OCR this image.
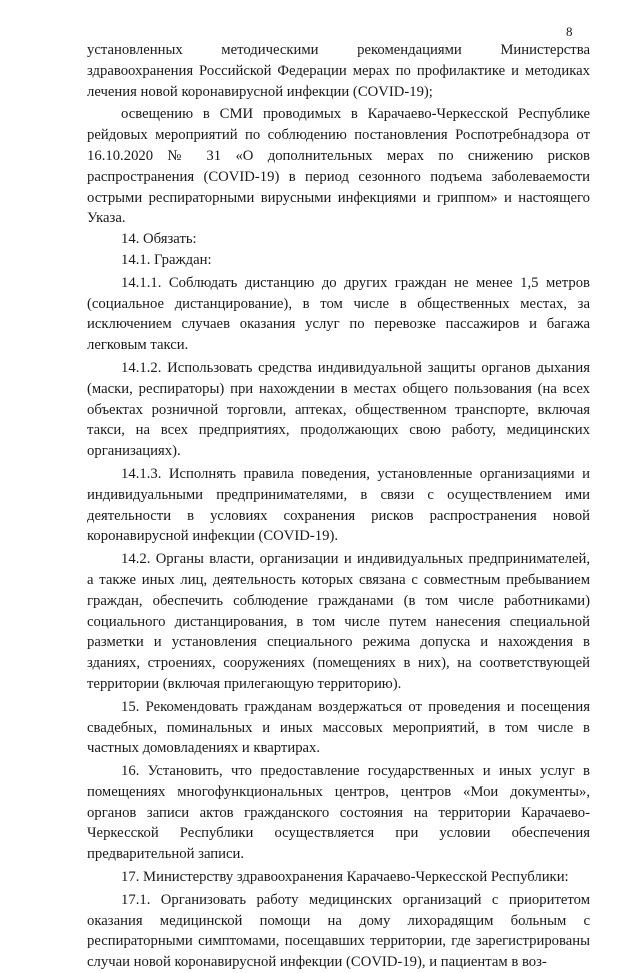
8

установленных методическими рекомендациями Министерства здравоохранения Российской Федерации мерах по профилактике и методиках лечения новой коронавирусной инфекции (COVID-19);

освещению в СМИ проводимых в Карачаево-Черкесской Республике рейдовых мероприятий по соблюдению постановления Роспотребнадзора от 16.10.2020 № 31 «О дополнительных мерах по снижению рисков распространения (COVID-19) в период сезонного подъема заболеваемости острыми респираторными вирусными инфекциями и гриппом» и настоящего Указа.

14. Обязать:

14.1. Граждан:

14.1.1. Соблюдать дистанцию до других граждан не менее 1,5 метров (социальное дистанцирование), в том числе в общественных местах, за исключением случаев оказания услуг по перевозке пассажиров и багажа легковым такси.

14.1.2. Использовать средства индивидуальной защиты органов дыхания (маски, респираторы) при нахождении в местах общего пользования (на всех объектах розничной торговли, аптеках, общественном транспорте, включая такси, на всех предприятиях, продолжающих свою работу, медицинских организациях).

14.1.3. Исполнять правила поведения, установленные организациями и индивидуальными предпринимателями, в связи с осуществлением ими деятельности в условиях сохранения рисков распространения новой коронавирусной инфекции (COVID-19).

14.2. Органы власти, организации и индивидуальных предпринимателей, а также иных лиц, деятельность которых связана с совместным пребыванием граждан, обеспечить соблюдение гражданами (в том числе работниками) социального дистанцирования, в том числе путем нанесения специальной разметки и установления специального режима допуска и нахождения в зданиях, строениях, сооружениях (помещениях в них), на соответствующей территории (включая прилегающую территорию).

15. Рекомендовать гражданам воздержаться от проведения и посещения свадебных, поминальных и иных массовых мероприятий, в том числе в частных домовладениях и квартирах.

16. Установить, что предоставление государственных и иных услуг в помещениях многофункциональных центров, центров «Мои документы», органов записи актов гражданского состояния на территории Карачаево-Черкесской Республики осуществляется при условии обеспечения предварительной записи.

17. Министерству здравоохранения Карачаево-Черкесской Республики:

17.1. Организовать работу медицинских организаций с приоритетом оказания медицинской помощи на дому лихорадящим больным с респираторными симптомами, посещавших территории, где зарегистрированы случаи новой коронавирусной инфекции (COVID-19), и пациентам в воз-
